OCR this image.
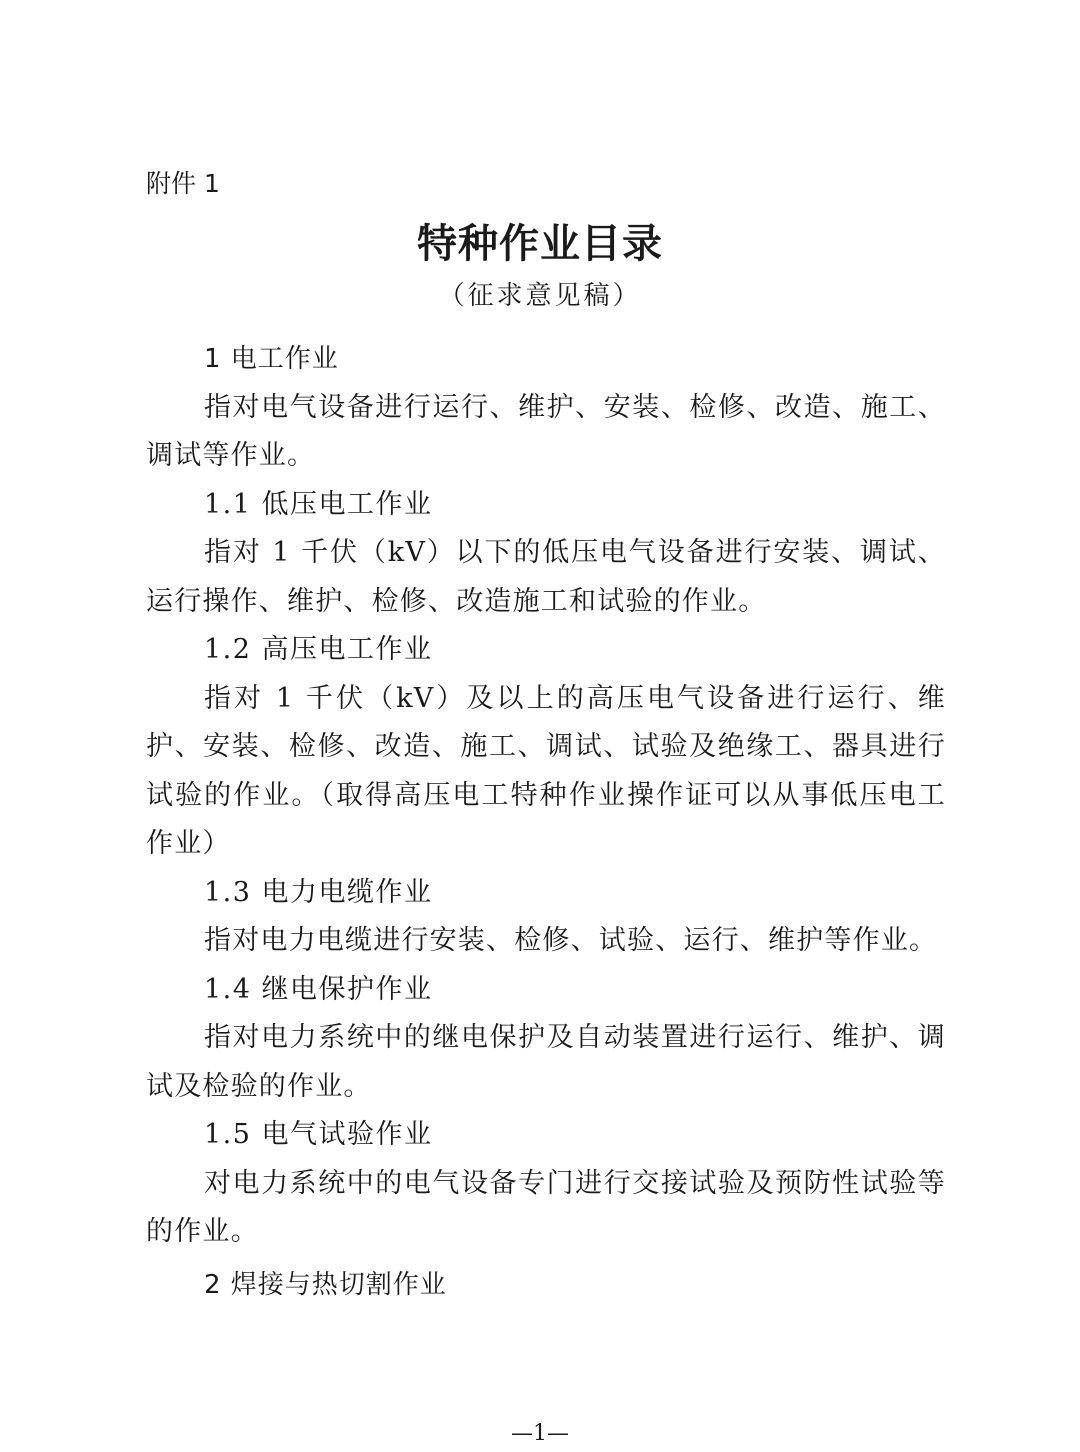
附件 1
特种作业目录
（征求意见稿）

1 电工作业

指对电气设备进行运行、维护、安装、检修、改造、施工、调试等作业。

1.1 低压电工作业

指对 1 千伏（kV）以下的低压电气设备进行安装、调试、运行操作、维护、检修、改造施工和试验的作业。

1.2 高压电工作业

指对 1 千伏（kV）及以上的高压电气设备进行运行、维护、安装、检修、改造、施工、调试、试验及绝缘工、器具进行试验的作业。（取得高压电工特种作业操作证可以从事低压电工作业）

1.3 电力电缆作业

指对电力电缆进行安装、检修、试验、运行、维护等作业。

1.4 继电保护作业

指对电力系统中的继电保护及自动装置进行运行、维护、调试及检验的作业。

1.5 电气试验作业

对电力系统中的电气设备专门进行交接试验及预防性试验等的作业。

2 焊接与热切割作业

—1—
